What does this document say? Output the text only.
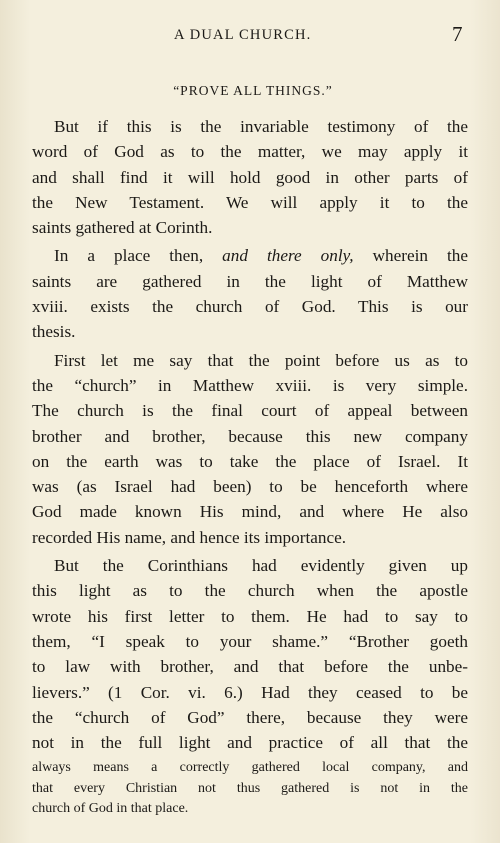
A DUAL CHURCH.	7
“PROVE ALL THINGS.”

But if this is the invariable testimony of the
word of God as to the matter, we may apply it
and shall find it will hold good in other parts of
the New Testament. We will apply it to the
saints gathered at Corinth.

In a place then, and there only, wherein the
saints are gathered in the light of Matthew
xviii. exists the church of God. This is our
thesis.

First let me say that the point before us as to
the “church” in Matthew xviii. is very simple.
The church is the final court of appeal between
brother and brother, because this new company
on the earth was to take the place of Israel. It
was (as Israel had been) to be henceforth where
God made known His mind, and where He also
recorded His name, and hence its importance.

But the Corinthians had evidently given up
this light as to the church when the apostle
wrote his first letter to them. He had to say to
them, “I speak to your shame.” “Brother goeth
to law with brother, and that before the unbe-
lievers.” (1 Cor. vi. 6.) Had they ceased to be
the “church of God” there, because they were
not in the full light and practice of all that the

always means a correctly gathered local company, and
that every Christian not thus gathered is not in the
church of God in that place.
